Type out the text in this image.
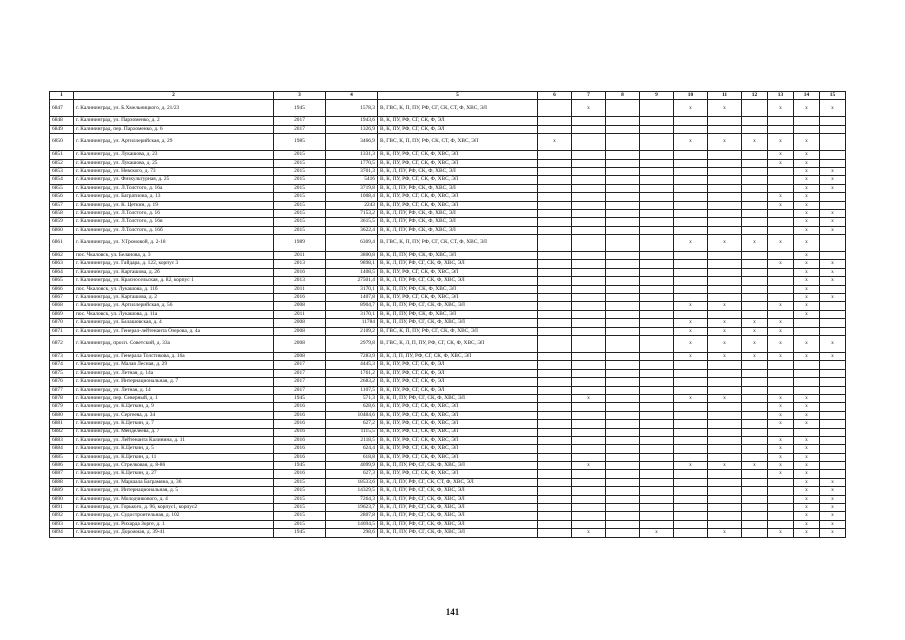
1	2	3	4	5	6	7	8	9	10	11	12	13	14	15
6847	г. Калининград, ул. Б.Хмельницкого, д. 21/23	1945	1578,3	В, ГВС, К, П, ПУ, РФ, СГ, СК, СТ, Ф, ХВС, ЭЛ		x			x	x		x	x	x
6848	г. Калининград, ул. Пархоменко, д. 2	2017	1943,6	В, К, ПУ, РФ, СГ, СК, Ф, ЭЛ										
6849	г. Калининград, пер. Пархоменко, д. 6	2017	1326,9	В, К, ПУ, РФ, СГ, СК, Ф, ЭЛ										
6850	г. Калининград, ул. Артиллерийская, д. 29	1985	3466,9	В, ГВС, К, П, ПУ, РФ, СК, СТ, Ф, ХВС, ЭЛ	x				x	x	x	x	x	
6851	г. Калининград, ул. Лукашова, д. 23	2015	1331,3	В, К, ПУ, РФ, СГ, СК, Ф, ХВС, ЭЛ								x	x	
6852	г. Калининград, ул. Лукашова, д. 25	2015	1770,5	В, К, ПУ, РФ, СГ, СК, Ф, ХВС, ЭЛ								x	x	
6853	г. Калининград, ул. Невского, д. 73	2015	3701,3	В, К, Л, ПУ, РФ, СК, Ф, ХВС, ЭЛ									x	x
6854	г. Калининград, ул. Физкультурная, д. 25	2015	5416	В, К, ПУ, РФ, СГ, СК, Ф, ХВС, ЭЛ									x	x
6855	г. Калининград, ул. Л.Толстого, д. 16а	2015	3719,8	В, К, Л, ПУ, РФ, СК, Ф, ХВС, ЭЛ									x	x
6856	г. Калининград, ул. Багратиона, д. 13	2015	1008,4	В, К, ПУ, РФ, СГ, СК, Ф, ХВС, ЭЛ								x	x	
6857	г. Калининград, ул. К. Цеткин, д. 19	2015	2243	В, К, ПУ, РФ, СГ, СК, Ф, ХВС, ЭЛ								x	x	
6858	г. Калининград, ул. Л.Толстого, д. 16	2015	7153,2	В, К, Л, ПУ, РФ, СК, Ф, ХВС, ЭЛ									x	x
6859	г. Калининград, ул. Л.Толстого, д. 16в	2015	3615,5	В, К, Л, ПУ, РФ, СК, Ф, ХВС, ЭЛ									x	x
6860	г. Калининград, ул. Л.Толстого, д. 16б	2015	3622,4	В, К, Л, ПУ, РФ, СК, Ф, ХВС, ЭЛ									x	x
6861	г. Калининград, ул. У.Громовой, д. 2-18	1989	6309,4	В, ГВС, К, П, ПУ, РФ, СГ, СК, СТ, Ф, ХВС, ЭЛ					x	x	x	x	x	
6862	пос. Чкаловск, ул. Беланова, д. 3	2011	3800,8	В, К, П, ПУ, РФ, СК, Ф, ХВС, ЭЛ									x	
6863	г. Калининград, ул. Гайдара, д. 122, корпус 3	2013	9898,1	В, К, Л, ПУ, РФ, СГ, СК, Ф, ХВС, ЭЛ								x	x	x
6864	г. Калининград, ул. Карташова, д. 2б	2016	1408,5	В, К, ПУ, РФ, СГ, СК, Ф, ХВС, ЭЛ									x	x
6865	г. Калининград, ул. Красносельская, д. 82, корпус 1	2013	27501,4	В, К, Л, ПУ, РФ, СГ, СК, Ф, ХВС, ЭЛ									x	x
6866	пос. Чкаловск, ул. Лукашова, д. 11б	2011	3170,1	В, К, П, ПУ, РФ, СК, Ф, ХВС, ЭЛ									x	
6867	г. Калининград, ул. Карташова, д. 2	2016	1407,8	В, К, ПУ, РФ, СГ, СК, Ф, ХВС, ЭЛ									x	x
6868	г. Калининград, ул. Артиллерийская, д. 56	2008	8904,7	В, К, П, ПУ, РФ, СГ, СК, Ф, ХВС, ЭЛ					x	x		x	x	
6869	пос. Чкаловск, ул. Лукашова, д. 11а	2011	3170,1	В, К, П, ПУ, РФ, СК, Ф, ХВС, ЭЛ									x	
6870	г. Калининград, ул. Балашовская, д. 4	2008	11784	В, К, П, ПУ, РФ, СГ, СК, Ф, ХВС, ЭЛ					x	x	x	x		
6871	г. Калининград, ул. Генерал-лейтенанта Озерова, д. 4а	2008	2109,2	В, ГВС, К, П, ПУ, РФ, СГ, СК, Ф, ХВС, ЭЛ					x	x	x	x		
6872	г. Калининград, просп. Советский, д. 33а	2008	2979,8	В, ГВС, К, Л, П, ПУ, РФ, СГ, СК, Ф, ХВС, ЭЛ					x	x	x	x	x	x
6873	г. Калининград, ул. Генерала Толстикова, д. 16а	2008	7283,9	В, К, Л, П, ПУ, РФ, СГ, СК, Ф, ХВС, ЭЛ					x	x	x	x	x	x
6874	г. Калининград, ул. Малая Лесная, д. 29	2017	4445,3	В, К, ПУ, РФ, СГ, СК, Ф, ЭЛ										
6875	г. Калининград, ул. Летная, д. 14а	2017	1761,2	В, К, ПУ, РФ, СГ, СК, Ф, ЭЛ										
6876	г. Калининград, ул. Интернациональная, д. 7	2017	2683,2	В, К, ПУ, РФ, СГ, СК, Ф, ЭЛ										
6877	г. Калининград, ул. Летная, д. 14	2017	1107,5	В, К, ПУ, РФ, СГ, СК, Ф, ЭЛ										
6878	г. Калининград, пер. Северный, д. 1	1945	571,3	В, К, П, ПУ, РФ, СГ, СК, Ф, ХВС, ЭЛ		x			x	x		x	x	
6879	г. Калининград, ул. К.Цеткин, д. 9	2016	628,6	В, К, ПУ, РФ, СГ, СК, Ф, ХВС, ЭЛ								x	x	
6880	г. Калининград, ул. Сергеева, д. 34	2016	10484,6	В, К, ПУ, РФ, СГ, СК, Ф, ХВС, ЭЛ								x	x	
6881	г. Калининград, ул. К.Цеткин, д. 7	2016	627,2	В, К, ПУ, РФ, СГ, СК, Ф, ХВС, ЭЛ								x	x	
6882	г. Калининград, ул. Менделеева, д. 7	2016	1115,5	В, К, ПУ, РФ, СГ, СК, Ф, ХВС, ЭЛ										
6883	г. Калининград, ул. Лейтенанта Калинина, д. 11	2016	2118,5	В, К, ПУ, РФ, СГ, СК, Ф, ХВС, ЭЛ								x	x	
6884	г. Калининград, ул. К.Цеткин, д. 5	2016	624,4	В, К, ПУ, РФ, СГ, СК, Ф, ХВС, ЭЛ								x	x	
6885	г. Калининград, ул. К.Цеткин, д. 11	2016	618,8	В, К, ПУ, РФ, СГ, СК, Ф, ХВС, ЭЛ								x	x	
6886	г. Калининград, ул. Стрелковая, д. 8-86	1945	4099,9	В, К, П, ПУ, РФ, СГ, СК, Ф, ХВС, ЭЛ		x			x	x	x	x	x	
6887	г. Калининград, ул. К.Цеткин, д. 27	2016	627,3	В, К, ПУ, РФ, СГ, СК, Ф, ХВС, ЭЛ								x	x	
6888	г. Калининград, ул. Маршала Баграмяна, д. 36	2015	18533,6	В, К, Л, ПУ, РФ, СГ, СК, СТ, Ф, ХВС, ЭЛ									x	x
6889	г. Калининград, ул. Интернациональная, д. 5	2015	14329,5	В, К, Л, ПУ, РФ, СГ, СК, Ф, ХВС, ЭЛ									x	x
6890	г. Калининград, ул. Молодчикового, д. 4	2015	7264,3	В, К, Л, ПУ, РФ, СГ, СК, Ф, ХВС, ЭЛ									x	x
6891	г. Калининград, ул. Горького, д. 96, корпус1, корпус2	2015	19623,7	В, К, Л, ПУ, РФ, СГ, СК, Ф, ХВС, ЭЛ									x	x
6892	г. Калининград, ул. Судостроительная, д. 102	2015	2807,8	В, К, Л, ПУ, РФ, СГ, СК, Ф, ХВС, ЭЛ									x	x
6893	г. Калининград, ул. Рихарда Зорге, д. 1	2015	14694,5	В, К, Л, ПУ, РФ, СГ, СК, Ф, ХВС, ЭЛ									x	x
6894	г. Калининград, ул. Дорожная, д. 39-41	1945	298,6	В, К, П, ПУ, РФ, СГ, СК, Ф, ХВС, ЭЛ		x		x		x		x	x	x
141
